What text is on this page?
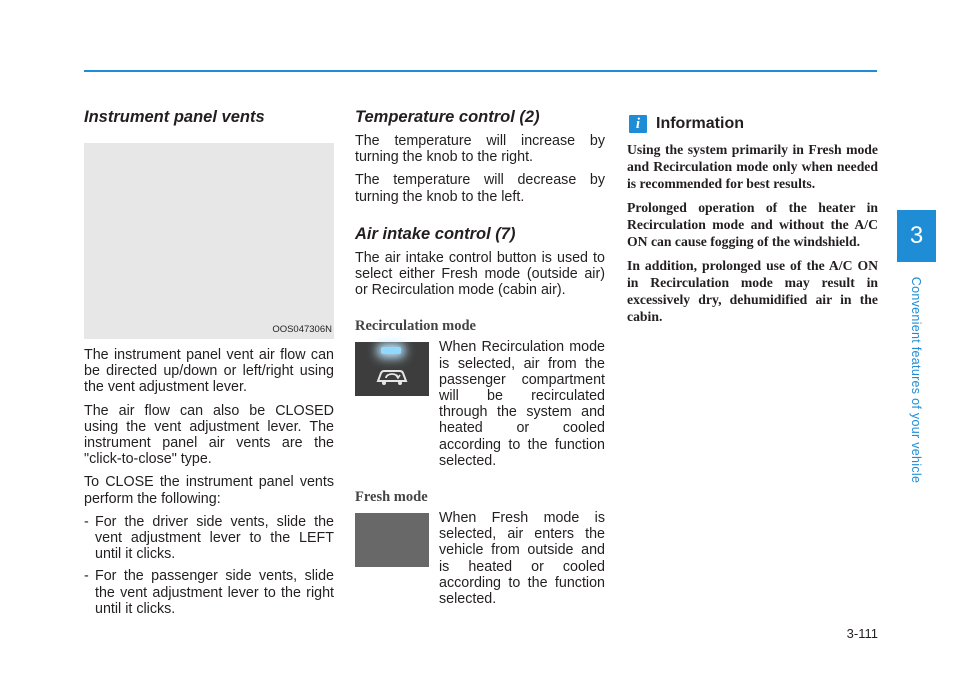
Instrument panel vents
OOS047306N

The instrument panel vent air flow can be directed up/down or left/right using the vent adjustment lever.

The air flow can also be CLOSED using the vent adjustment lever. The instrument panel air vents are the "click-to-close" type.

To CLOSE the instrument panel vents perform the following:

- For the driver side vents, slide the vent adjustment lever to the LEFT until it clicks.
- For the passenger side vents, slide the vent adjustment lever to the right until it clicks.
Temperature control (2)

The temperature will increase by turning the knob to the right.

The temperature will decrease by turning the knob to the left.

Air intake control (7)

The air intake control button is used to select either Fresh mode (outside air) or Recirculation mode (cabin air).

Recirculation mode

When Recirculation mode is selected, air from the passenger compartment will be recirculated through the system and heated or cooled according to the function selected.

Fresh mode

When Fresh mode is selected, air enters the vehicle from outside and is heated or cooled according to the function selected.

i Information

Using the system primarily in Fresh mode and Recirculation mode only when needed is recommended for best results.

Prolonged operation of the heater in Recirculation mode and without the A/C ON can cause fogging of the windshield.

In addition, prolonged use of the A/C ON in Recirculation mode may result in excessively dry, dehumidified air in the cabin.

3
Convenient features of your vehicle
3-111
